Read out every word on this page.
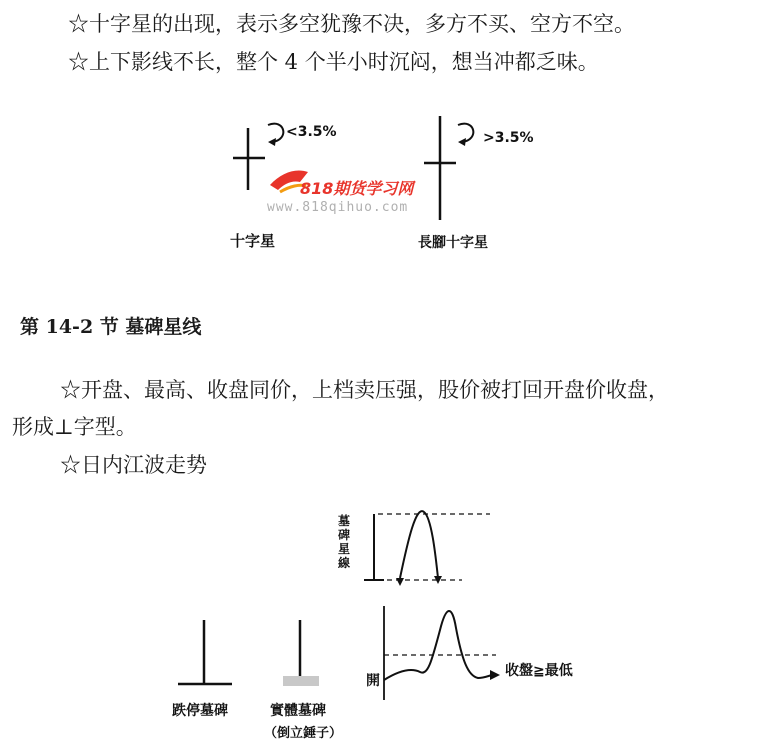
☆十字星的出现，表示多空犹豫不决，多方不买、空方不空。
☆上下影线不长，整个 4 个半小时沉闷，想当冲都乏味。
<3.5%	>3.5%
818期货学习网
www.818qihuo.com
十字星	長腳十字星
第 14-2 节 墓碑星线
☆开盘、最高、收盘同价，上档卖压强，股价被打回开盘价收盘，
形成⊥字型。
☆日内江波走势
墓碑星線
開
收盤≧最低
跌停墓碑	實體墓碑
（倒立錘子）
